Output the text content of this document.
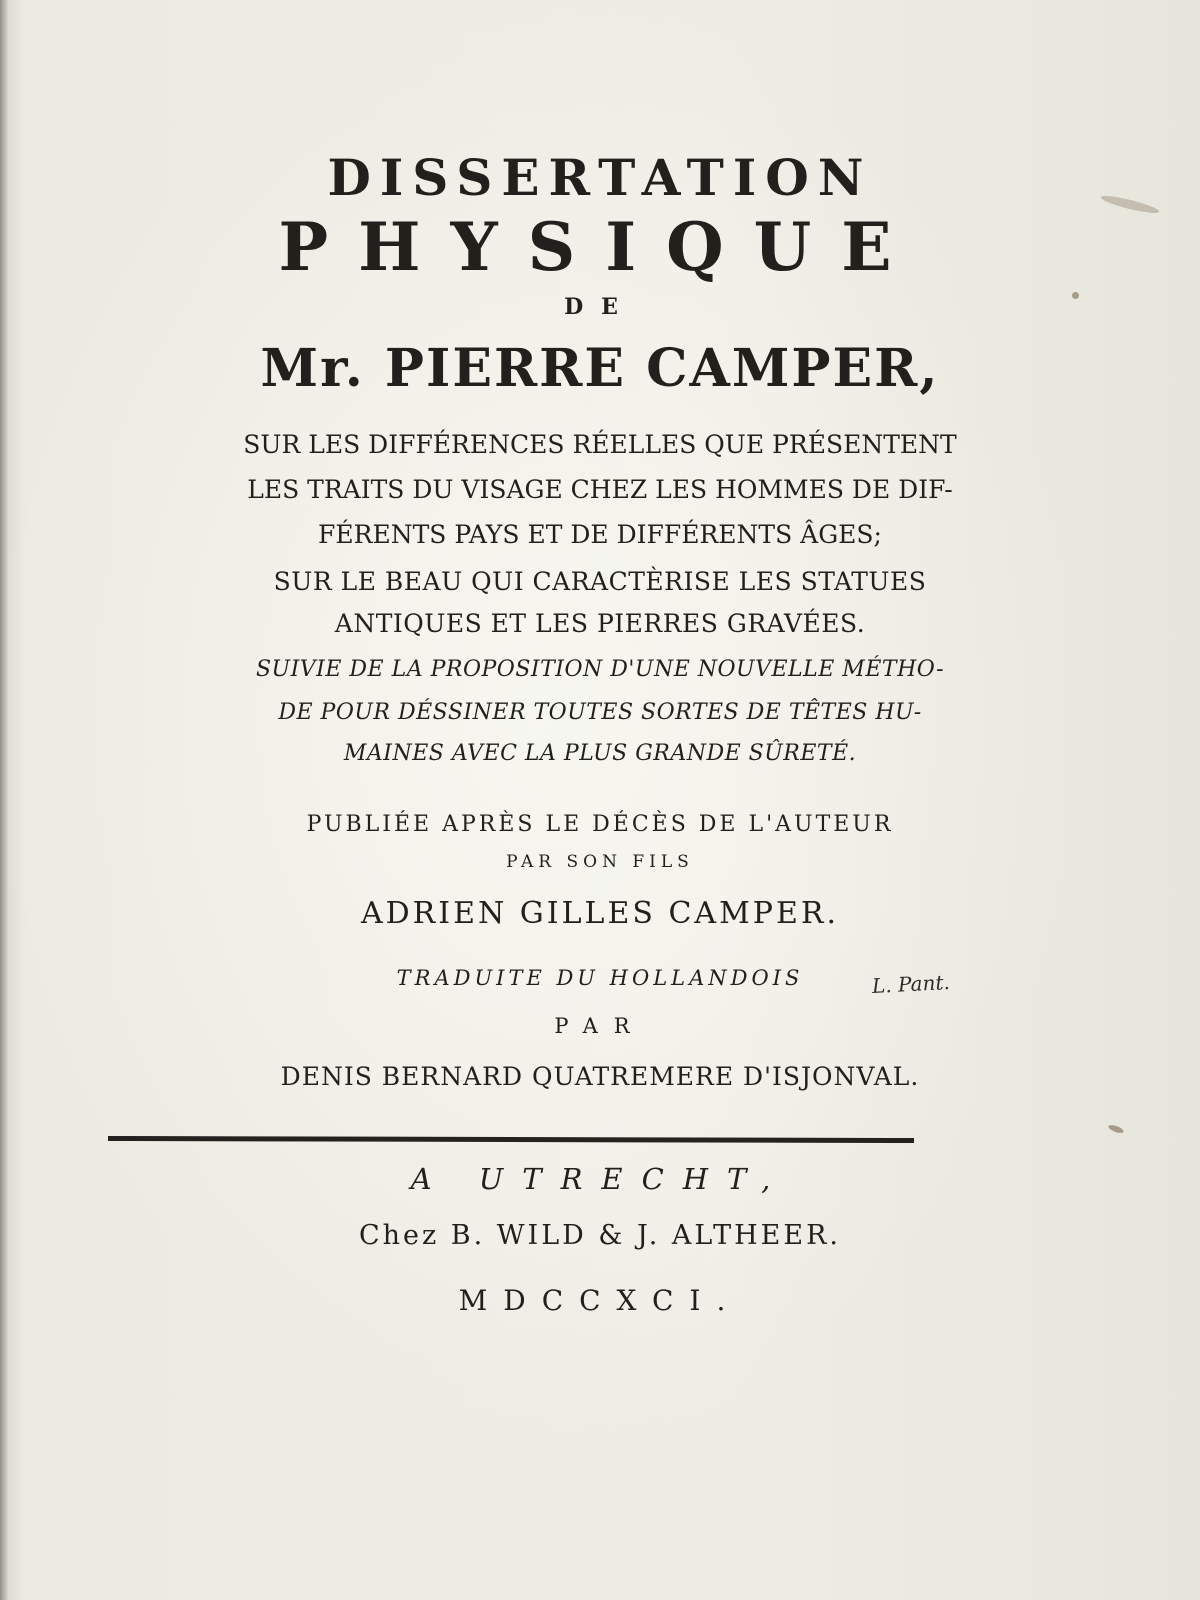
DISSERTATION

PHYSIQUE

DE

Mr. PIERRE CAMPER,

SUR LES DIFFÉRENCES RÉELLES QUE PRÉSENTENT

LES TRAITS DU VISAGE CHEZ LES HOMMES DE DIF-

FÉRENTS PAYS ET DE DIFFÉRENTS ÂGES;

SUR LE BEAU QUI CARACTÈRISE LES STATUES

ANTIQUES ET LES PIERRES GRAVÉES.

SUIVIE DE LA PROPOSITION D'UNE NOUVELLE MÉTHO-

DE POUR DÉSSINER TOUTES SORTES DE TÊTES HU-

MAINES AVEC LA PLUS GRANDE SÛRETÉ.

PUBLIÉE APRÈS LE DÉCÈS DE L'AUTEUR

PAR SON FILS

ADRIEN GILLES CAMPER.

TRADUITE DU HOLLANDOIS

PAR

DENIS BERNARD QUATREMERE D'ISJONVAL.

A UTRECHT,

Chez B. WILD & J. ALTHEER.

MDCCXCI.

L. Pant.
